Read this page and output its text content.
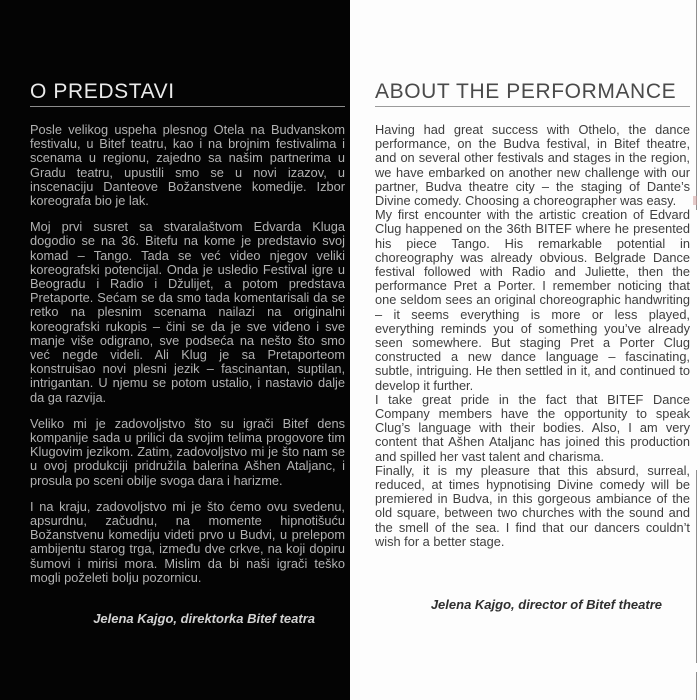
O PREDSTAVI

Posle velikog uspeha plesnog Otela na Budvanskom festivalu, u Bitef teatru, kao i na brojnim festivalima i scenama u regionu, zajedno sa našim partnerima u Gradu teatru, upustili smo se u novi izazov, u inscenaciju Danteove Božanstvene komedije. Izbor koreografa bio je lak.

Moj prvi susret sa stvaralaštvom Edvarda Kluga dogodio se na 36. Bitefu na kome je predstavio svoj komad – Tango. Tada se već video njegov veliki koreografski potencijal. Onda je usledio Festival igre u Beogradu i Radio i Džulijet, a potom predstava Pretaporte. Sećam se da smo tada komentarisali da se retko na plesnim scenama nailazi na originalni koreografski rukopis – čini se da je sve viđeno i sve manje više odigrano, sve podseća na nešto što smo već negde videli. Ali Klug je sa Pretaporteom konstruisao novi plesni jezik – fascinantan, suptilan, intrigantan. U njemu se potom ustalio, i nastavio dalje da ga razvija.

Veliko mi je zadovoljstvo što su igrači Bitef dens kompanije sada u prilici da svojim telima progovore tim Klugovim jezikom. Zatim, zadovoljstvo mi je što nam se u ovoj produkciji pridružila balerina Ašhen Ataljanc, i prosula po sceni obilje svoga dara i harizme.

I na kraju, zadovoljstvo mi je što ćemo ovu svedenu, apsurdnu, začudnu, na momente hipnotišuću Božanstvenu komediju videti prvo u Budvi, u prelepom ambijentu starog trga, između dve crkve, na koji dopiru šumovi i mirisi mora. Mislim da bi naši igrači teško mogli poželeti bolju pozornicu.

Jelena Kajgo, direktorka Bitef teatra
ABOUT THE PERFORMANCE

Having had great success with Othelo, the dance performance, on the Budva festival, in Bitef theatre, and on several other festivals and stages in the region, we have embarked on another new challenge with our partner, Budva theatre city – the staging of Dante’s Divine comedy. Choosing a choreographer was easy.

My first encounter with the artistic creation of Edvard Clug happened on the 36th BITEF where he presented his piece Tango. His remarkable potential in choreography was already obvious. Belgrade Dance festival followed with Radio and Juliette, then the performance Pret a Porter. I remember noticing that one seldom sees an original choreographic handwriting – it seems everything is more or less played, everything reminds you of something you’ve already seen somewhere. But staging Pret a Porter Clug constructed a new dance language – fascinating, subtle, intriguing. He then settled in it, and continued to develop it further.

I take great pride in the fact that BITEF Dance Company members have the opportunity to speak Clug’s language with their bodies. Also, I am very content that Ašhen Ataljanc has joined this production and spilled her vast talent and charisma.

Finally, it is my pleasure that this absurd, surreal, reduced, at times hypnotising Divine comedy will be premiered in Budva, in this gorgeous ambiance of the old square, between two churches with the sound and the smell of the sea. I find that our dancers couldn’t wish for a better stage.

Jelena Kajgo, director of Bitef theatre
